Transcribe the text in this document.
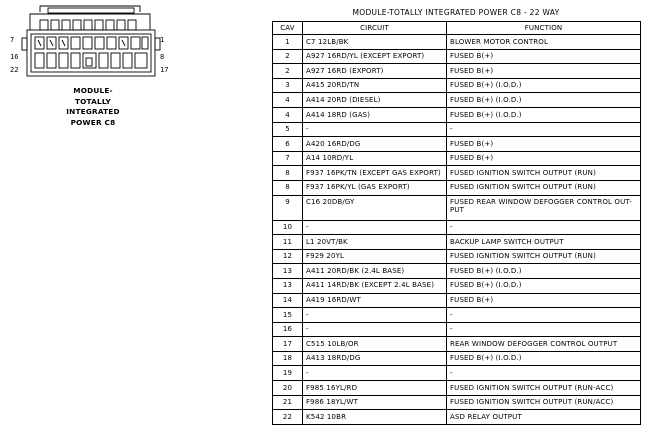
7	1
16	8
22	17
MODULE-
TOTALLY
INTEGRATED
POWER C8
MODULE-TOTALLY INTEGRATED POWER C8 - 22 WAY
CAV	CIRCUIT	FUNCTION
1	C7 12LB/BK	BLOWER MOTOR CONTROL
2	A927 16RD/YL (EXCEPT EXPORT)	FUSED B(+)
2	A927 16RD (EXPORT)	FUSED B(+)
3	A415 20RD/TN	FUSED B(+) (I.O.D.)
4	A414 20RD (DIESEL)	FUSED B(+) (I.O.D.)
4	A414 18RD (GAS)	FUSED B(+) (I.O.D.)
5	-	-
6	A420 16RD/DG	FUSED B(+)
7	A14 10RD/YL	FUSED B(+)
8	F937 16PK/TN (EXCEPT GAS EXPORT)	FUSED IGNITION SWITCH OUTPUT (RUN)
8	F937 16PK/YL (GAS EXPORT)	FUSED IGNITION SWITCH OUTPUT (RUN)
9	C16 20DB/GY	FUSED REAR WINDOW DEFOGGER CONTROL OUT-PUT
10	-	-
11	L1 20VT/BK	BACKUP LAMP SWITCH OUTPUT
12	F929 20YL	FUSED IGNITION SWITCH OUTPUT (RUN)
13	A411 20RD/BK (2.4L BASE)	FUSED B(+) (I.O.D.)
13	A411 14RD/BK (EXCEPT 2.4L BASE)	FUSED B(+) (I.O.D.)
14	A419 16RD/WT	FUSED B(+)
15	-	-
16	-	-
17	C515 10LB/OR	REAR WINDOW DEFOGGER CONTROL OUTPUT
18	A413 18RD/DG	FUSED B(+) (I.O.D.)
19	-	-
20	F985 16YL/RD	FUSED IGNITION SWITCH OUTPUT (RUN-ACC)
21	F986 18YL/WT	FUSED IGNITION SWITCH OUTPUT (RUN/ACC)
22	K542 10BR	ASD RELAY OUTPUT
